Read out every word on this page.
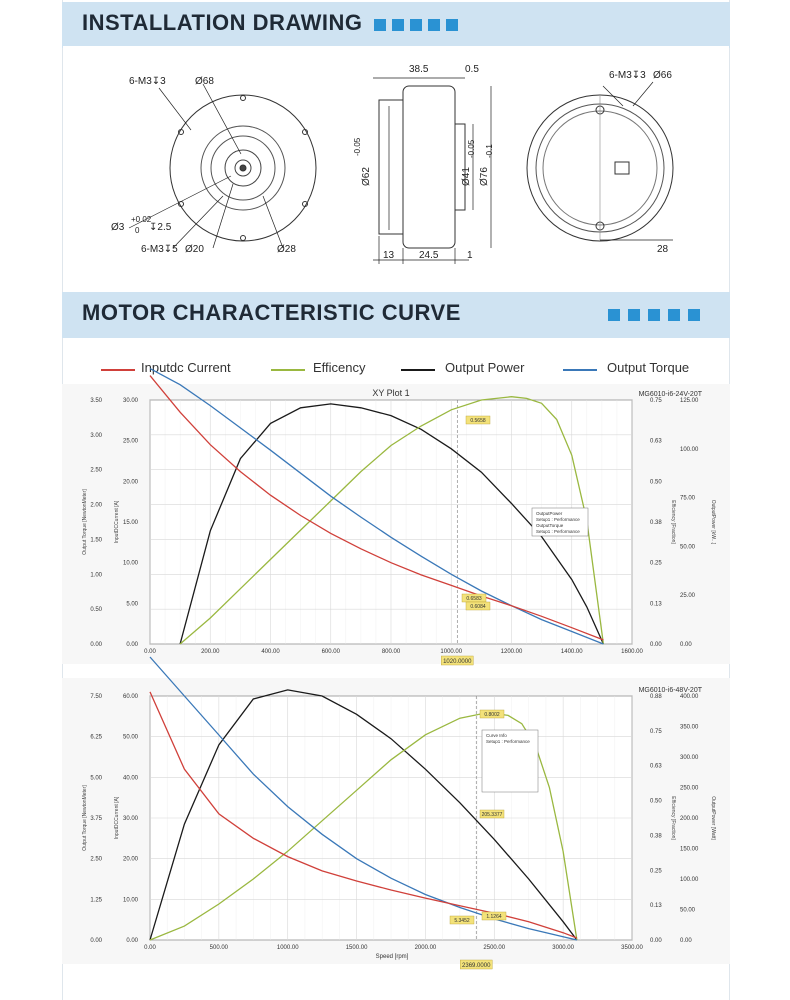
INSTALLATION DRAWING
6-M3↧3	Ø68
Ø3
+0.02
0 ↧2.5
6-M3↧5 Ø20	Ø28
38.5	0.5
Ø62
-0.05
Ø41
-0.05
Ø76
-0.1
13 24.5	1
6-M3↧3 Ø66
28
MOTOR CHARACTERISTIC CURVE
Inputdc Current	Efficency	Output Power	Output Torque
XY Plot 1	MG6010-i6-24V-20T
0.00	200.00	400.00	600.00	800.00	1000.00	1200.00	1400.00	1600.00
0.00
0.50
1.00
1.50
2.00
2.50
3.00
3.50
0.00
5.00
10.00
15.00
20.00
25.00
30.00
0.00
0.13
0.25
0.38
0.50
0.63
0.75
0.00
25.00
50.00
75.00
100.00
125.00
Output Torque [NewtonMeter]	InputDCCurrent [A]	Efficiency [Fraction]	OutputPower [kW...]
1020.0000
0.5658
0.6583
0.6084
OutputPower
Setup1 : Performance
OutputTorque
Setup1 : Performance
MG6010-i6-48V-20T
0.00	500.00	1000.00	1500.00	2000.00	2500.00	3000.00	3500.00
0.00
1.25
2.50
3.75
5.00
6.25
7.50
0.00
10.00
20.00
30.00
40.00
50.00
60.00
0.00
0.13
0.25
0.38
0.50
0.63
0.75
0.88
0.00
50.00
100.00
150.00
200.00
250.00
300.00
350.00
400.00
Output Torque [NewtonMeter]	InputDCCurrent [A]	Efficiency [Fraction]	OutputPower [Watt]
Speed [rpm]
2369.0000
0.8002
205.3377
5.3452
1.1264
Curve Info
Setup1 : Performance
